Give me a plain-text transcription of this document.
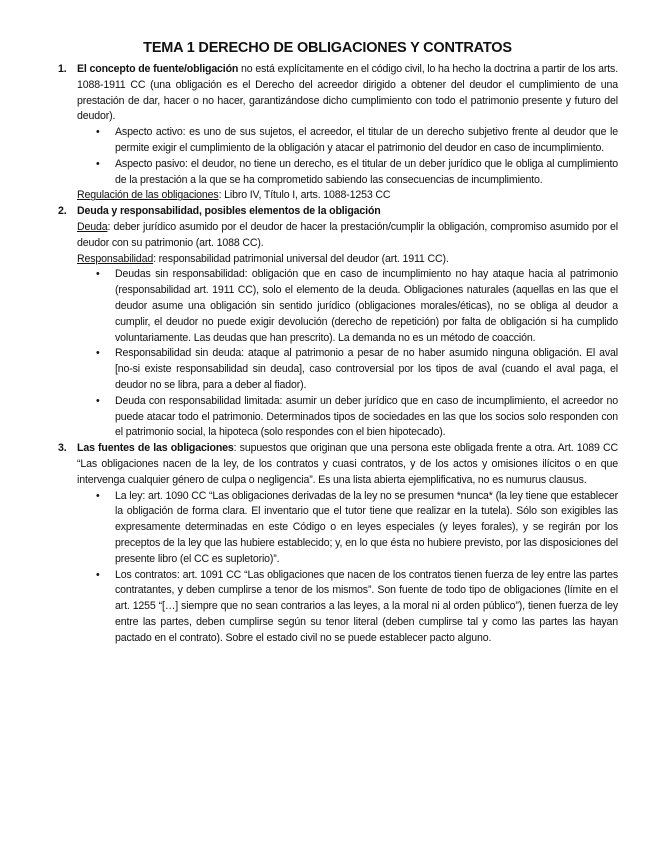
TEMA 1 DERECHO DE OBLIGACIONES Y CONTRATOS
1. El concepto de fuente/obligación no está explícitamente en el código civil, lo ha hecho la doctrina a partir de los arts. 1088-1911 CC (una obligación es el Derecho del acreedor dirigido a obtener del deudor el cumplimiento de una prestación de dar, hacer o no hacer, garantizándose dicho cumplimiento con todo el patrimonio presente y futuro del deudor).

• Aspecto activo: es uno de sus sujetos, el acreedor, el titular de un derecho subjetivo frente al deudor que le permite exigir el cumplimiento de la obligación y atacar el patrimonio del deudor en caso de incumplimiento.
• Aspecto pasivo: el deudor, no tiene un derecho, es el titular de un deber jurídico que le obliga al cumplimiento de la prestación a la que se ha comprometido sabiendo las consecuencias de incumplimiento.

Regulación de las obligaciones: Libro IV, Título I, arts. 1088-1253 CC

2. Deuda y responsabilidad, posibles elementos de la obligación

Deuda: deber jurídico asumido por el deudor de hacer la prestación/cumplir la obligación, compromiso asumido por el deudor con su patrimonio (art. 1088 CC).

Responsabilidad: responsabilidad patrimonial universal del deudor (art. 1911 CC).

• Deudas sin responsabilidad: obligación que en caso de incumplimiento no hay ataque hacia al patrimonio (responsabilidad art. 1911 CC), solo el elemento de la deuda. Obligaciones naturales (aquellas en las que el deudor asume una obligación sin sentido jurídico (obligaciones morales/éticas), no se obliga al deudor a cumplir, el deudor no puede exigir devolución (derecho de repetición) por falta de obligación si ha cumplido voluntariamente. Las deudas que han prescrito). La demanda no es un método de coacción.
• Responsabilidad sin deuda: ataque al patrimonio a pesar de no haber asumido ninguna obligación. El aval [no-si existe responsabilidad sin deuda], caso controversial por los tipos de aval (cuando el aval paga, el deudor no se libra, para a deber al fiador).
• Deuda con responsabilidad limitada: asumir un deber jurídico que en caso de incumplimiento, el acreedor no puede atacar todo el patrimonio. Determinados tipos de sociedades en las que los socios solo responden con el patrimonio social, la hipoteca (solo respondes con el bien hipotecado).
3. Las fuentes de las obligaciones: supuestos que originan que una persona este obligada frente a otra. Art. 1089 CC “Las obligaciones nacen de la ley, de los contratos y cuasi contratos, y de los actos y omisiones ilícitos o en que intervenga cualquier género de culpa o negligencia”. Es una lista abierta ejemplificativa, no es numurus clausus.

• La ley: art. 1090 CC “Las obligaciones derivadas de la ley no se presumen *nunca* (la ley tiene que establecer la obligación de forma clara. El inventario que el tutor tiene que realizar en la tutela). Sólo son exigibles las expresamente determinadas en este Código o en leyes especiales (y leyes forales), y se regirán por los preceptos de la ley que las hubiere establecido; y, en lo que ésta no hubiere previsto, por las disposiciones del presente libro (el CC es supletorio)”.
• Los contratos: art. 1091 CC “Las obligaciones que nacen de los contratos tienen fuerza de ley entre las partes contratantes, y deben cumplirse a tenor de los mismos”. Son fuente de todo tipo de obligaciones (límite en el art. 1255 “[…] siempre que no sean contrarios a las leyes, a la moral ni al orden público”), tienen fuerza de ley entre las partes, deben cumplirse según su tenor literal (deben cumplirse tal y como las partes las hayan pactado en el contrato). Sobre el estado civil no se puede establecer pacto alguno.
